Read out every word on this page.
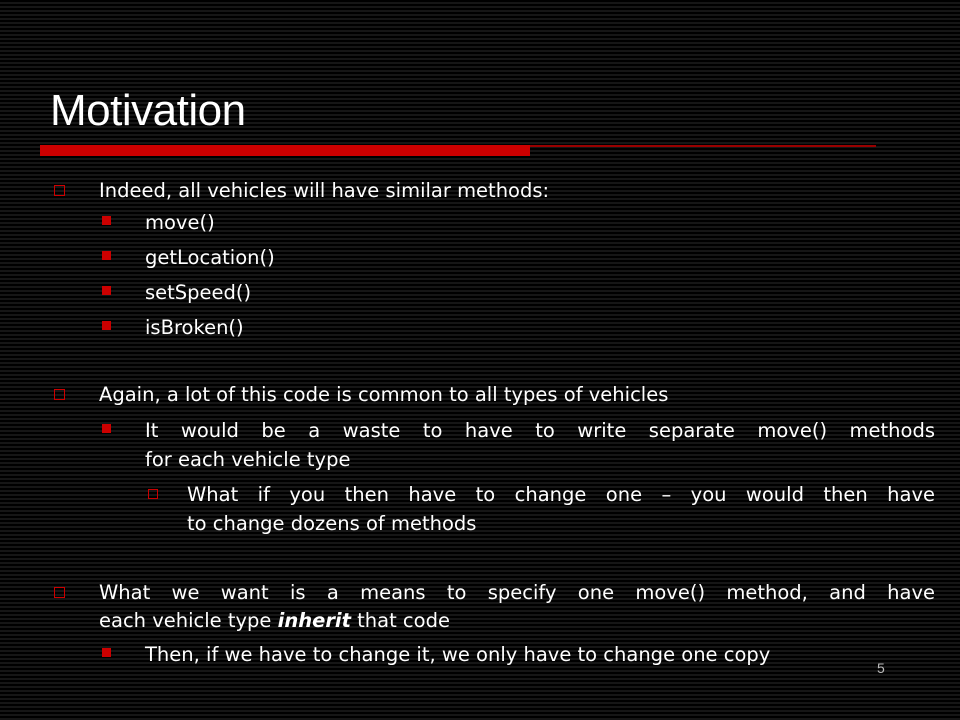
Motivation
Indeed, all vehicles will have similar methods:
move()
getLocation()
setSpeed()
isBroken()
Again, a lot of this code is common to all types of vehicles
It would be a waste to have to write separate move() methods
for each vehicle type
What if you then have to change one – you would then have
to change dozens of methods
What we want is a means to specify one move() method, and have
each vehicle type inherit that code
Then, if we have to change it, we only have to change one copy
5
